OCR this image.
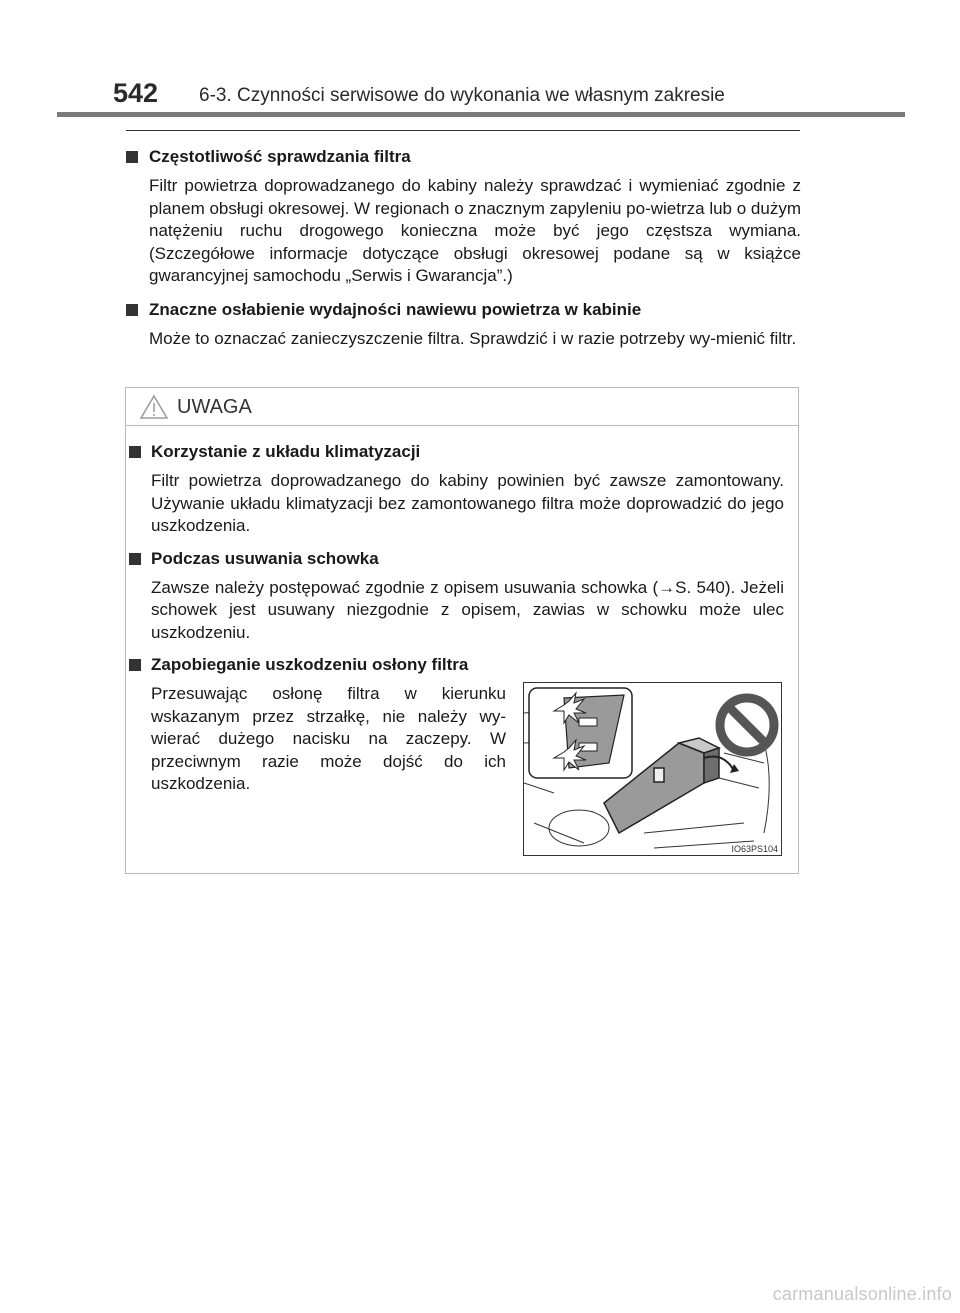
542 6-3. Czynności serwisowe do wykonania we własnym zakresie
Częstotliwość sprawdzania filtra
Filtr powietrza doprowadzanego do kabiny należy sprawdzać i wymieniać zgodnie z planem obsługi okresowej. W regionach o znacznym zapyleniu po-wietrza lub o dużym natężeniu ruchu drogowego konieczna może być jego częstsza wymiana. (Szczegółowe informacje dotyczące obsługi okresowej podane są w książce gwarancyjnej samochodu „Serwis i Gwarancja”.)
Znaczne osłabienie wydajności nawiewu powietrza w kabinie
Może to oznaczać zanieczyszczenie filtra. Sprawdzić i w razie potrzeby wy-mienić filtr.
UWAGA
Korzystanie z układu klimatyzacji
Filtr powietrza doprowadzanego do kabiny powinien być zawsze zamontowany. Używanie układu klimatyzacji bez zamontowanego filtra może doprowadzić do jego uszkodzenia.
Podczas usuwania schowka
Zawsze należy postępować zgodnie z opisem usuwania schowka (→S. 540). Jeżeli schowek jest usuwany niezgodnie z opisem, zawias w schowku może ulec uszkodzeniu.
Zapobieganie uszkodzeniu osłony filtra
Przesuwając osłonę filtra w kierunku wskazanym przez strzałkę, nie należy wy-wierać dużego nacisku na zaczepy. W przeciwnym razie może dojść do ich uszkodzenia.
IO63PS104
carmanualsonline.info
